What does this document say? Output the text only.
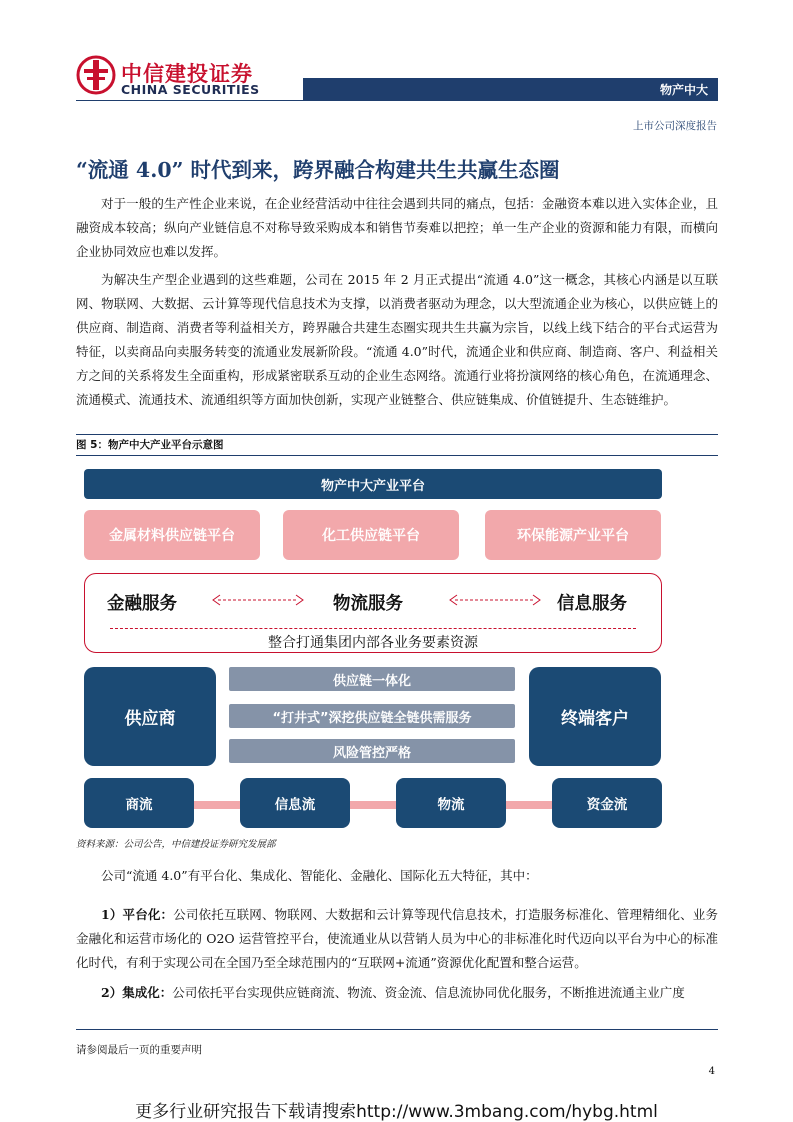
中信建投证券
CHINA SECURITIES	物产中大
上市公司深度报告
“流通 4.0” 时代到来，跨界融合构建共生共赢生态圈

对于一般的生产性企业来说，在企业经营活动中往往会遇到共同的痛点，包括：金融资本难以进入实体企业，且融资成本较高；纵向产业链信息不对称导致采购成本和销售节奏难以把控；单一生产企业的资源和能力有限，而横向企业协同效应也难以发挥。

为解决生产型企业遇到的这些难题，公司在 2015 年 2 月正式提出“流通 4.0”这一概念，其核心内涵是以互联网、物联网、大数据、云计算等现代信息技术为支撑，以消费者驱动为理念，以大型流通企业为核心，以供应链上的供应商、制造商、消费者等利益相关方，跨界融合共建生态圈实现共生共赢为宗旨，以线上线下结合的平台式运营为特征，以卖商品向卖服务转变的流通业发展新阶段。“流通 4.0”时代，流通企业和供应商、制造商、客户、利益相关方之间的关系将发生全面重构，形成紧密联系互动的企业生态网络。流通行业将扮演网络的核心角色，在流通理念、流通模式、流通技术、流通组织等方面加快创新，实现产业链整合、供应链集成、价值链提升、生态链维护。

图 5：物产中大产业平台示意图
物产中大产业平台
金属材料供应链平台	化工供应链平台	环保能源产业平台
金融服务	物流服务	信息服务
整合打通集团内部各业务要素资源
供应商
供应链一体化
“打井式”深挖供应链全链供需服务
风险管控严格
终端客户
商流	信息流	物流	资金流
资料来源：公司公告，中信建投证券研究发展部

公司“流通 4.0”有平台化、集成化、智能化、金融化、国际化五大特征，其中：

1）平台化：公司依托互联网、物联网、大数据和云计算等现代信息技术，打造服务标准化、管理精细化、业务金融化和运营市场化的 O2O 运营管控平台，使流通业从以营销人员为中心的非标准化时代迈向以平台为中心的标准化时代，有利于实现公司在全国乃至全球范围内的“互联网+流通”资源优化配置和整合运营。

2）集成化：公司依托平台实现供应链商流、物流、资金流、信息流协同优化服务，不断推进流通主业广度

请参阅最后一页的重要声明
4
更多行业研究报告下载请搜索http://www.3mbang.com/hybg.html
